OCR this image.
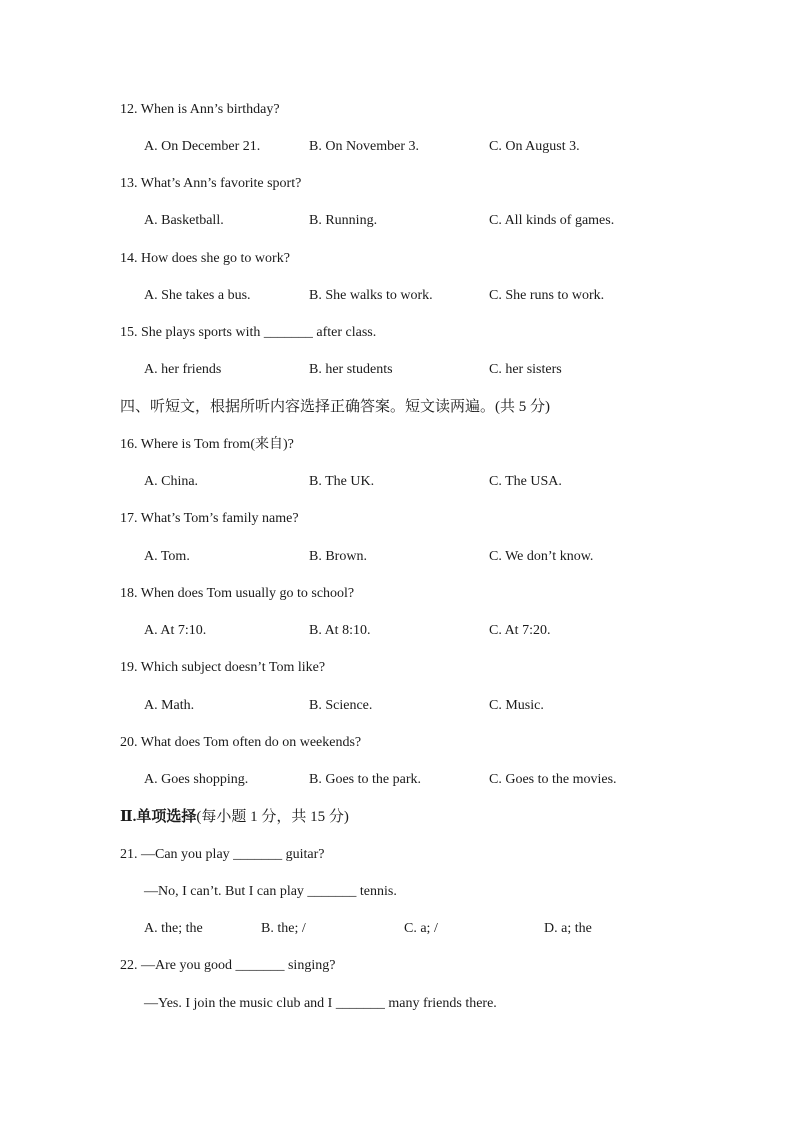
12. When is Ann’s birthday?
A. On December 21.	B. On November 3.	C. On August 3.
13. What’s Ann’s favorite sport?
A. Basketball.	B. Running.	C. All kinds of games.
14. How does she go to work?
A. She takes a bus.	B. She walks to work.	C. She runs to work.
15. She plays sports with _______ after class.
A. her friends	B. her students	C. her sisters
四、听短文，根据所听内容选择正确答案。短文读两遍。(共 5 分)
16. Where is Tom from(来自)?
A. China.	B. The UK.	C. The USA.
17. What’s Tom’s family name?
A. Tom.	B. Brown.	C. We don’t know.
18. When does Tom usually go to school?
A. At 7:10.	B. At 8:10.	C. At 7:20.
19. Which subject doesn’t Tom like?
A. Math.	B. Science.	C. Music.
20. What does Tom often do on weekends?
A. Goes shopping.	B. Goes to the park.	C. Goes to the movies.
Ⅱ.单项选择(每小题 1 分，共 15 分)
21. —Can you play _______ guitar?
—No, I can’t. But I can play _______ tennis.
A. the; the	B. the; /	C. a; /	D. a; the
22. —Are you good _______ singing?
—Yes. I join the music club and I _______ many friends there.
